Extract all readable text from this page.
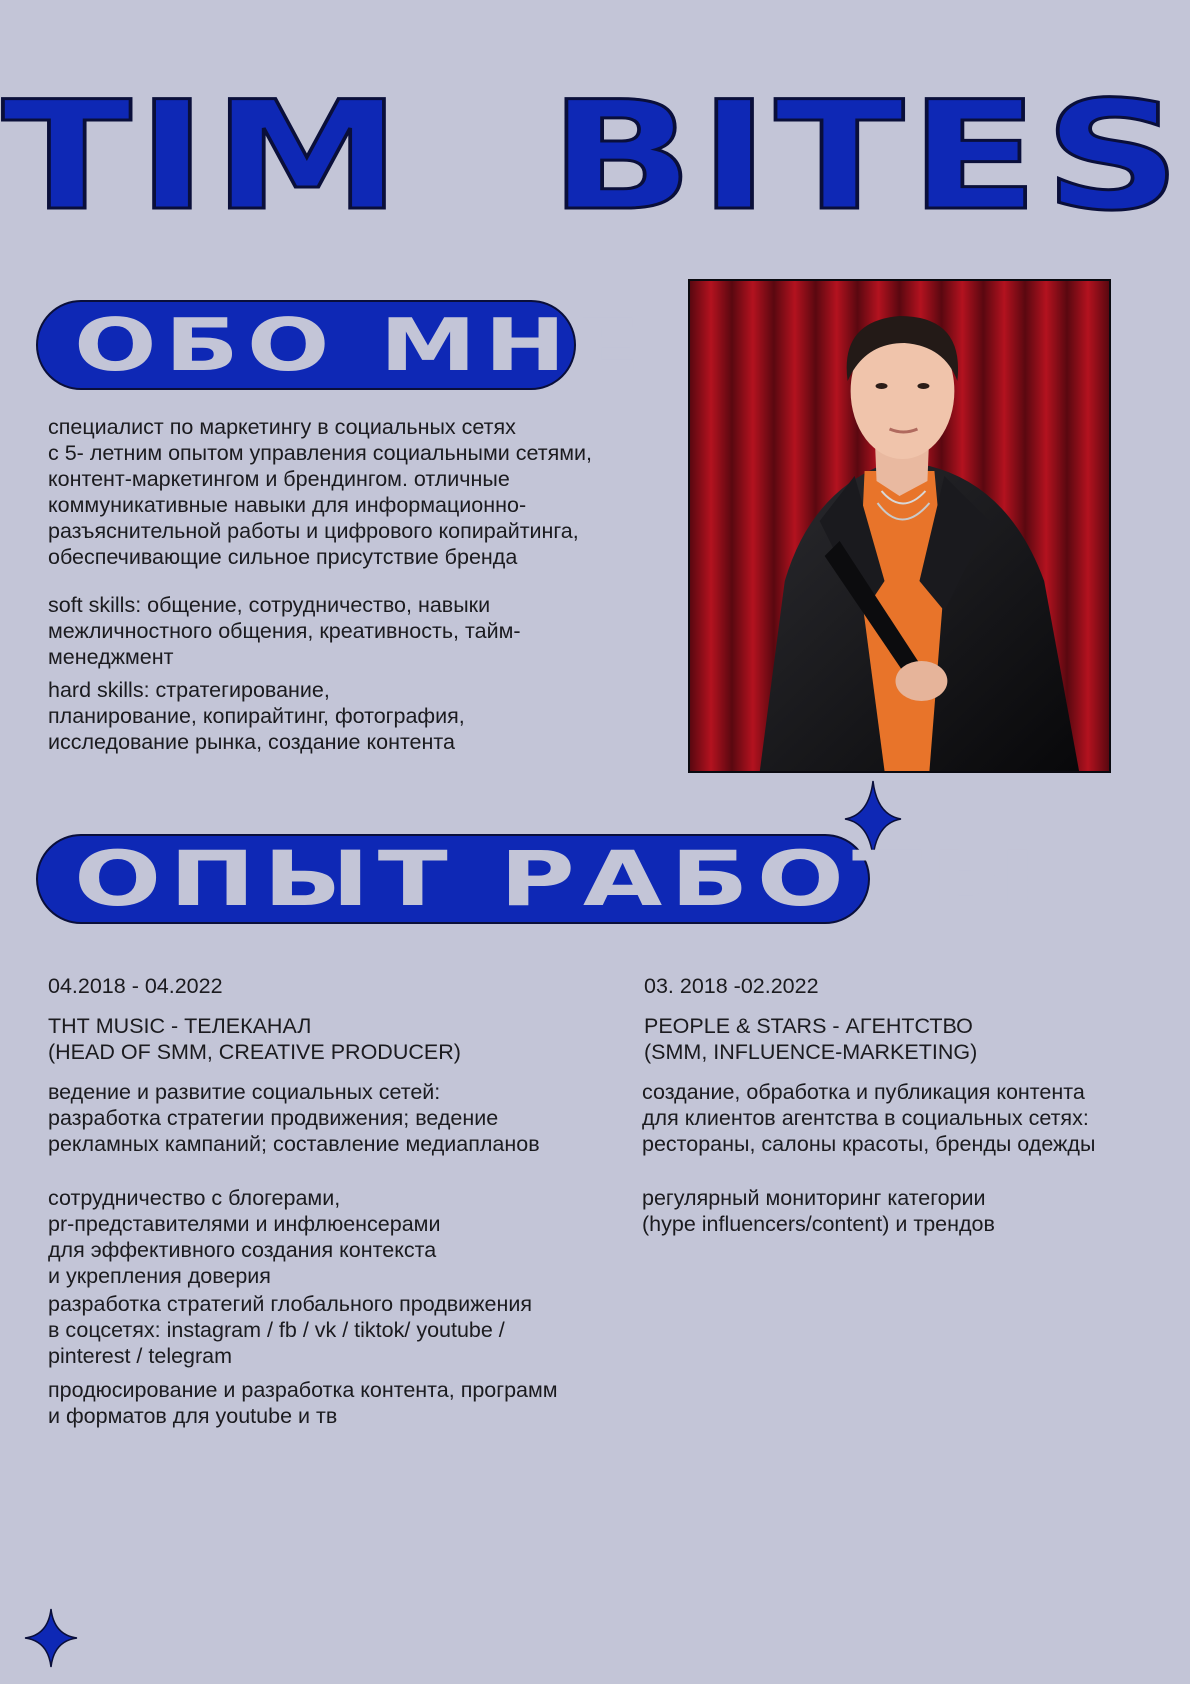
TIM  BITES
ОБО МНЕ
специалист по маркетингу в социальных сетях
с 5- летним опытом управления социальными сетями,
контент-маркетингом и брендингом. отличные
коммуникативные навыки для информационно-
разъяснительной работы и цифрового копирайтинга,
обеспечивающие сильное присутствие бренда
soft skills: общение, сотрудничество, навыки
межличностного общения, креативность, тайм-
менеджмент
hard skills: стратегирование,
планирование, копирайтинг, фотография,
исследование рынка, создание контента
ОПЫТ РАБОТЫ
04.2018 - 04.2022
ТНТ MUSIC - ТЕЛЕКАНАЛ
(HEAD OF SMM, CREATIVE PRODUCER)
ведение и развитие социальных сетей:
разработка стратегии продвижения; ведение
рекламных кампаний; составление медиапланов
сотрудничество с блогерами,
pr-представителями и инфлюенсерами
для эффективного создания контекста
и укрепления доверия
разработка стратегий глобального продвижения
в соцсетях: instagram / fb / vk / tiktok/ youtube /
pinterest / telegram
продюсирование и разработка контента, программ
и форматов для youtube и тв
03. 2018 -02.2022
PEOPLE & STARS - АГЕНТСТВО
(SMM, INFLUENCE-MARKETING)
создание, обработка и публикация контента
для клиентов агентства в социальных сетях:
рестораны, салоны красоты, бренды одежды
регулярный мониторинг категории
(hype influencers/content) и трендов
